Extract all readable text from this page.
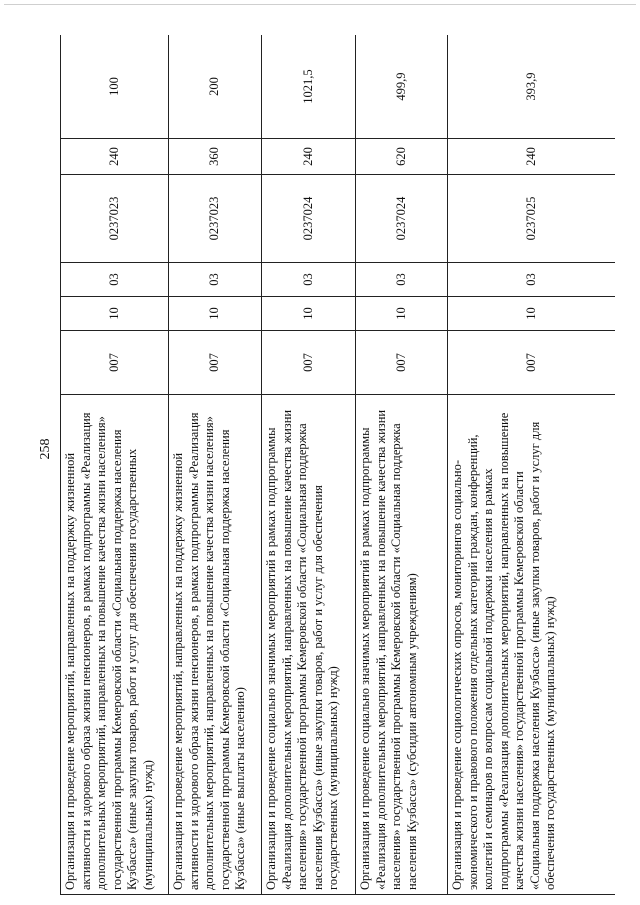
258
Организация и проведение мероприятий, направленных на поддержку жизненной активности и здорового образа жизни пенсионеров, в рамках подпрограммы «Реализация дополнительных мероприятий, направленных на повышение качества жизни населения» государственной программы Кемеровской области «Социальная поддержка населения Кузбасса» (иные закупки товаров, работ и услуг для обеспечения государственных (муниципальных) нужд)	007	10	03	0237023	240	100
Организация и проведение мероприятий, направленных на поддержку жизненной активности и здорового образа жизни пенсионеров, в рамках подпрограммы «Реализация дополнительных мероприятий, направленных на повышение качества жизни населения» государственной программы Кемеровской области «Социальная поддержка населения Кузбасса» (иные выплаты населению)	007	10	03	0237023	360	200
Организация и проведение социально значимых мероприятий в рамках подпрограммы «Реализация дополнительных мероприятий, направленных на повышение качества жизни населения» государственной программы Кемеровской области «Социальная поддержка населения Кузбасса» (иные закупки товаров, работ и услуг для обеспечения государственных (муниципальных) нужд)	007	10	03	0237024	240	1021,5
Организация и проведение социально значимых мероприятий в рамках подпрограммы «Реализация дополнительных мероприятий, направленных на повышение качества жизни населения» государственной программы Кемеровской области «Социальная поддержка населения Кузбасса» (субсидии автономным учреждениям)	007	10	03	0237024	620	499,9
Организация и проведение социологических опросов, мониторингов социально-экономического и правового положения отдельных категорий граждан, конференций, коллегий и семинаров по вопросам социальной поддержки населения в рамках подпрограммы «Реализация дополнительных мероприятий, направленных на повышение качества жизни населения» государственной программы Кемеровской области «Социальная поддержка населения Кузбасса» (иные закупки товаров, работ и услуг для обеспечения государственных (муниципальных) нужд)	007	10	03	0237025	240	393,9
